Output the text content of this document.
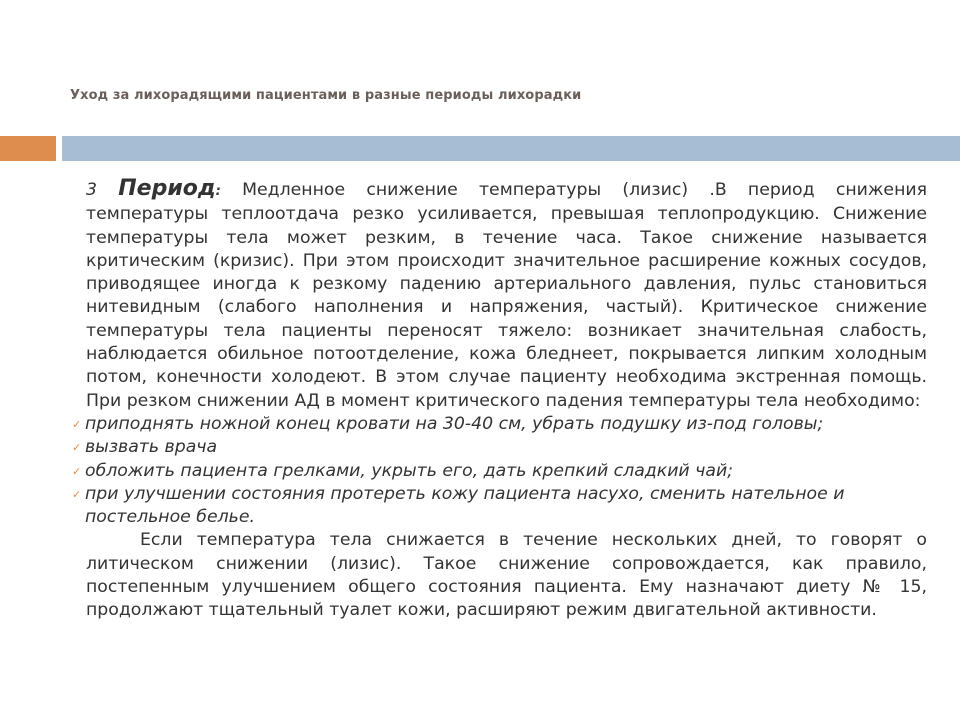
Уход за лихорадящими пациентами в разные периоды лихорадки

3 Период: Медленное снижение температуры (лизис) .В период снижения температуры теплоотдача резко усиливается, превышая теплопродукцию. Снижение температуры тела может резким, в течение часа. Такое снижение называется критическим (кризис). При этом происходит значительное расширение кожных сосудов, приводящее иногда к резкому падению артериального давления, пульс становиться нитевидным (слабого наполнения и напряжения, частый). Критическое снижение температуры тела пациенты переносят тяжело: возникает значительная слабость, наблюдается обильное потоотделение, кожа бледнеет, покрывается липким холодным потом, конечности холодеют. В этом случае пациенту необходима экстренная помощь. При резком снижении АД в момент критического падения температуры тела необходимо:

✓ приподнять ножной конец кровати на 30-40 см, убрать подушку из-под головы;
✓ вызвать врача
✓ обложить пациента грелками, укрыть его, дать крепкий сладкий чай;
✓ при улучшении состояния протереть кожу пациента насухо, сменить нательное и постельное белье.

Если температура тела снижается в течение нескольких дней, то говорят о литическом снижении (лизис). Такое снижение сопровождается, как правило, постепенным улучшением общего состояния пациента. Ему назначают диету № 15, продолжают тщательный туалет кожи, расширяют режим двигательной активности.
